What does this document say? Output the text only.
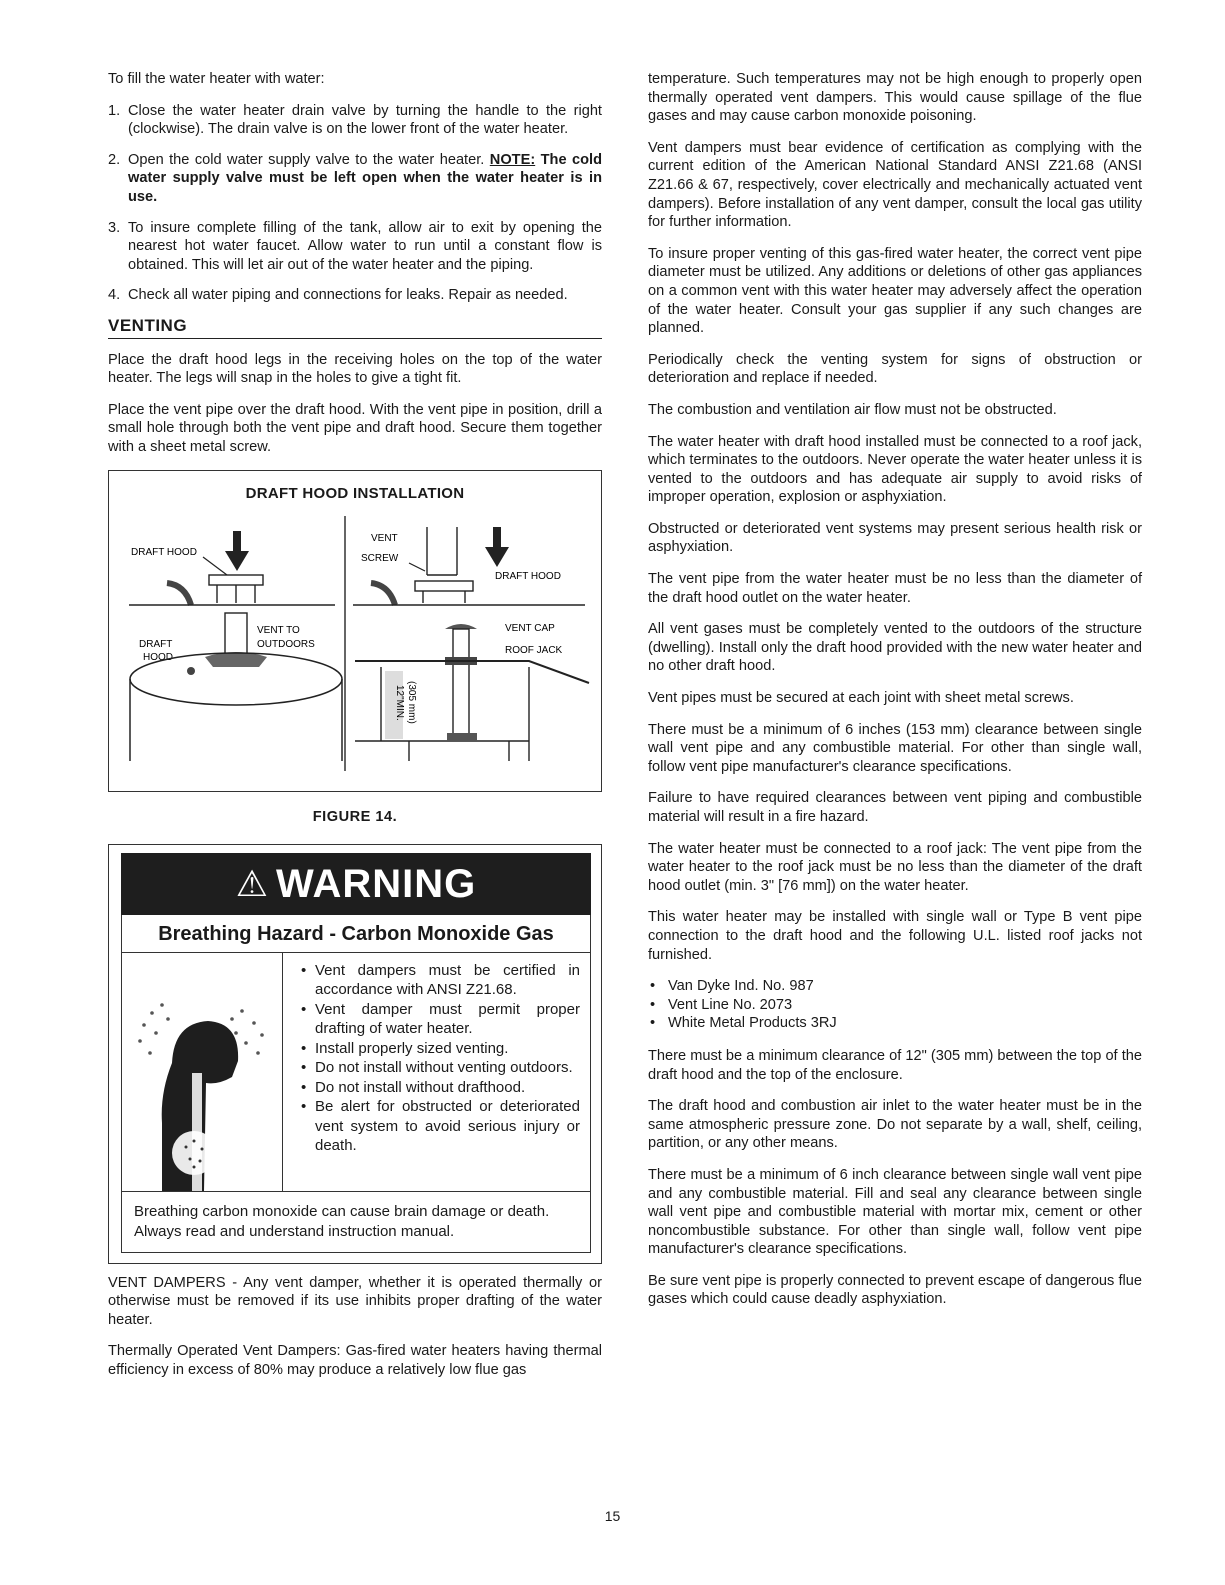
To fill the water heater with water:

1. Close the water heater drain valve by turning the handle to the right (clockwise). The drain valve is on the lower front of the water heater.
2. Open the cold water supply valve to the water heater. NOTE: The cold water supply valve must be left open when the water heater is in use.
3. To insure complete filling of the tank, allow air to exit by opening the nearest hot water faucet. Allow water to run until a constant flow is obtained. This will let air out of the water heater and the piping.
4. Check all water piping and connections for leaks. Repair as needed.
VENTING

Place the draft hood legs in the receiving holes on the top of the water heater. The legs will snap in the holes to give a tight fit.

Place the vent pipe over the draft hood. With the vent pipe in position, drill a small hole through both the vent pipe and draft hood. Secure them together with a sheet metal screw.

DRAFT HOOD INSTALLATION
DRAFT HOOD
VENT
SCREW
DRAFT HOOD
VENT TO
OUTDOORS
DRAFT
HOOD
VENT CAP
ROOF JACK
12"MIN. (305 mm)
FIGURE 14.
⚠ WARNING
Breathing Hazard - Carbon Monoxide Gas
• Vent dampers must be certified in accordance with ANSI Z21.68.
• Vent damper must permit proper drafting of water heater.
• Install properly sized venting.
• Do not install without venting outdoors.
• Do not install without drafthood.
• Be alert for obstructed or deteriorated vent system to avoid serious injury or death.
Breathing carbon monoxide can cause brain damage or death. Always read and understand instruction manual.

VENT DAMPERS - Any vent damper, whether it is operated thermally or otherwise must be removed if its use inhibits proper drafting of the water heater.

Thermally Operated Vent Dampers: Gas-fired water heaters having thermal efficiency in excess of 80% may produce a relatively low flue gas

temperature. Such temperatures may not be high enough to properly open thermally operated vent dampers. This would cause spillage of the flue gases and may cause carbon monoxide poisoning.

Vent dampers must bear evidence of certification as complying with the current edition of the American National Standard ANSI Z21.68 (ANSI Z21.66 & 67, respectively, cover electrically and mechanically actuated vent dampers). Before installation of any vent damper, consult the local gas utility for further information.

To insure proper venting of this gas-fired water heater, the correct vent pipe diameter must be utilized. Any additions or deletions of other gas appliances on a common vent with this water heater may adversely affect the operation of the water heater. Consult your gas supplier if any such changes are planned.

Periodically check the venting system for signs of obstruction or deterioration and replace if needed.

The combustion and ventilation air flow must not be obstructed.

The water heater with draft hood installed must be connected to a roof jack, which terminates to the outdoors. Never operate the water heater unless it is vented to the outdoors and has adequate air supply to avoid risks of improper operation, explosion or asphyxiation.

Obstructed or deteriorated vent systems may present serious health risk or asphyxiation.

The vent pipe from the water heater must be no less than the diameter of the draft hood outlet on the water heater.

All vent gases must be completely vented to the outdoors of the structure (dwelling). Install only the draft hood provided with the new water heater and no other draft hood.

Vent pipes must be secured at each joint with sheet metal screws.

There must be a minimum of 6 inches (153 mm) clearance between single wall vent pipe and any combustible material. For other than single wall, follow vent pipe manufacturer's clearance specifications.

Failure to have required clearances between vent piping and combustible material will result in a fire hazard.

The water heater must be connected to a roof jack: The vent pipe from the water heater to the roof jack must be no less than the diameter of the draft hood outlet (min. 3" [76 mm]) on the water heater.

This water heater may be installed with single wall or Type B vent pipe connection to the draft hood and the following U.L. listed roof jacks not furnished.

• Van Dyke Ind. No. 987
• Vent Line No. 2073
• White Metal Products 3RJ

There must be a minimum clearance of 12" (305 mm) between the top of the draft hood and the top of the enclosure.

The draft hood and combustion air inlet to the water heater must be in the same atmospheric pressure zone. Do not separate by a wall, shelf, ceiling, partition, or any other means.

There must be a minimum of 6 inch clearance between single wall vent pipe and any combustible material. Fill and seal any clearance between single wall vent pipe and combustible material with mortar mix, cement or other noncombustible substance. For other than single wall, follow vent pipe manufacturer's clearance specifications.

Be sure vent pipe is properly connected to prevent escape of dangerous flue gases which could cause deadly asphyxiation.

15
